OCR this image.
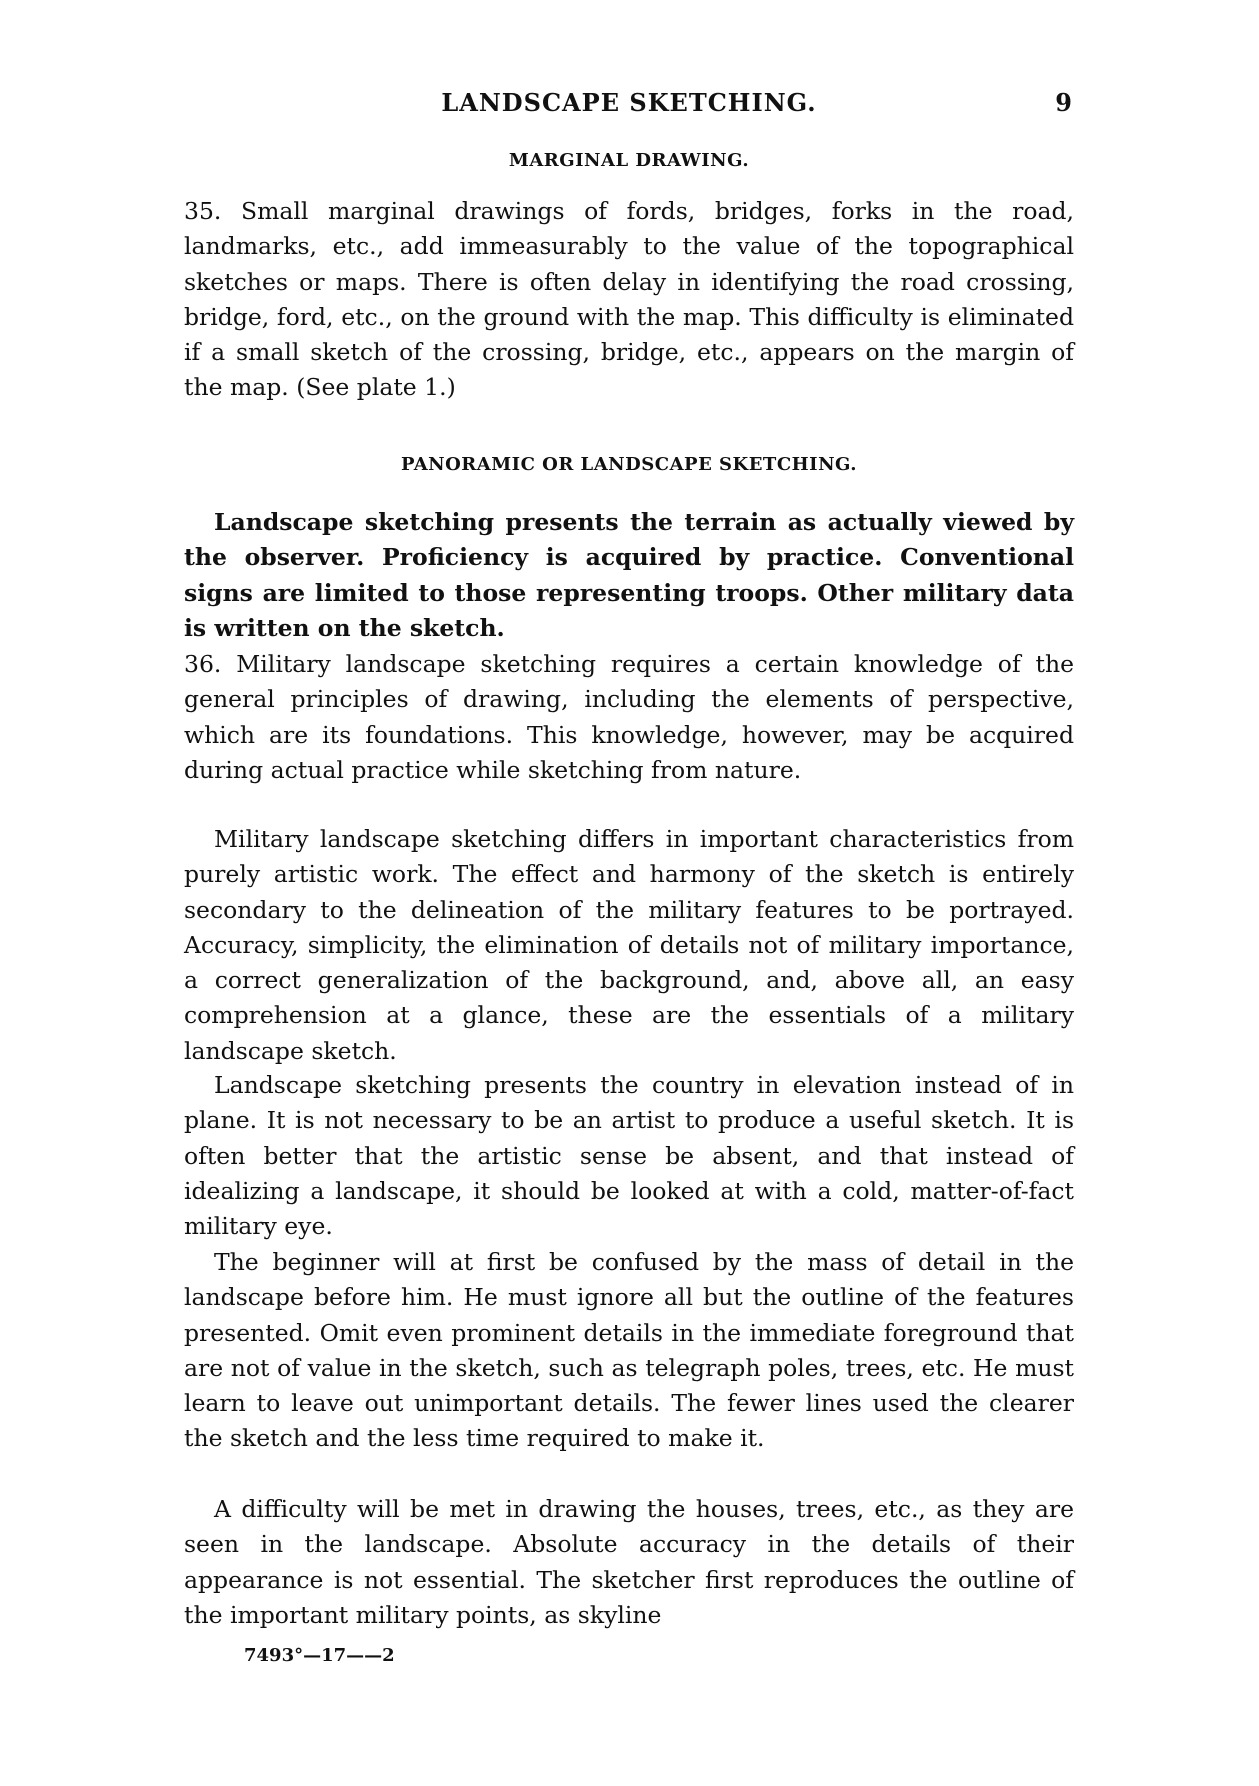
LANDSCAPE SKETCHING.	9
MARGINAL DRAWING.

35. Small marginal drawings of fords, bridges, forks in the road, landmarks, etc., add immeasurably to the value of the topographical sketches or maps. There is often delay in identifying the road crossing, bridge, ford, etc., on the ground with the map. This difficulty is eliminated if a small sketch of the crossing, bridge, etc., appears on the margin of the map. (See plate 1.)

PANORAMIC OR LANDSCAPE SKETCHING.

Landscape sketching presents the terrain as actually viewed by the observer. Proficiency is acquired by practice. Conventional signs are limited to those representing troops. Other military data is written on the sketch.

36. Military landscape sketching requires a certain knowledge of the general principles of drawing, including the elements of perspective, which are its foundations. This knowledge, however, may be acquired during actual practice while sketching from nature.

Military landscape sketching differs in important characteristics from purely artistic work. The effect and harmony of the sketch is entirely secondary to the delineation of the military features to be portrayed. Accuracy, simplicity, the elimination of details not of military importance, a correct generalization of the background, and, above all, an easy comprehension at a glance, these are the essentials of a military landscape sketch.

Landscape sketching presents the country in elevation instead of in plane. It is not necessary to be an artist to produce a useful sketch. It is often better that the artistic sense be absent, and that instead of idealizing a landscape, it should be looked at with a cold, matter-of-fact military eye.

The beginner will at first be confused by the mass of detail in the landscape before him. He must ignore all but the outline of the features presented. Omit even prominent details in the immediate foreground that are not of value in the sketch, such as telegraph poles, trees, etc. He must learn to leave out unimportant details. The fewer lines used the clearer the sketch and the less time required to make it.

A difficulty will be met in drawing the houses, trees, etc., as they are seen in the landscape. Absolute accuracy in the details of their appearance is not essential. The sketcher first reproduces the outline of the important military points, as skyline

7493°—17——2
